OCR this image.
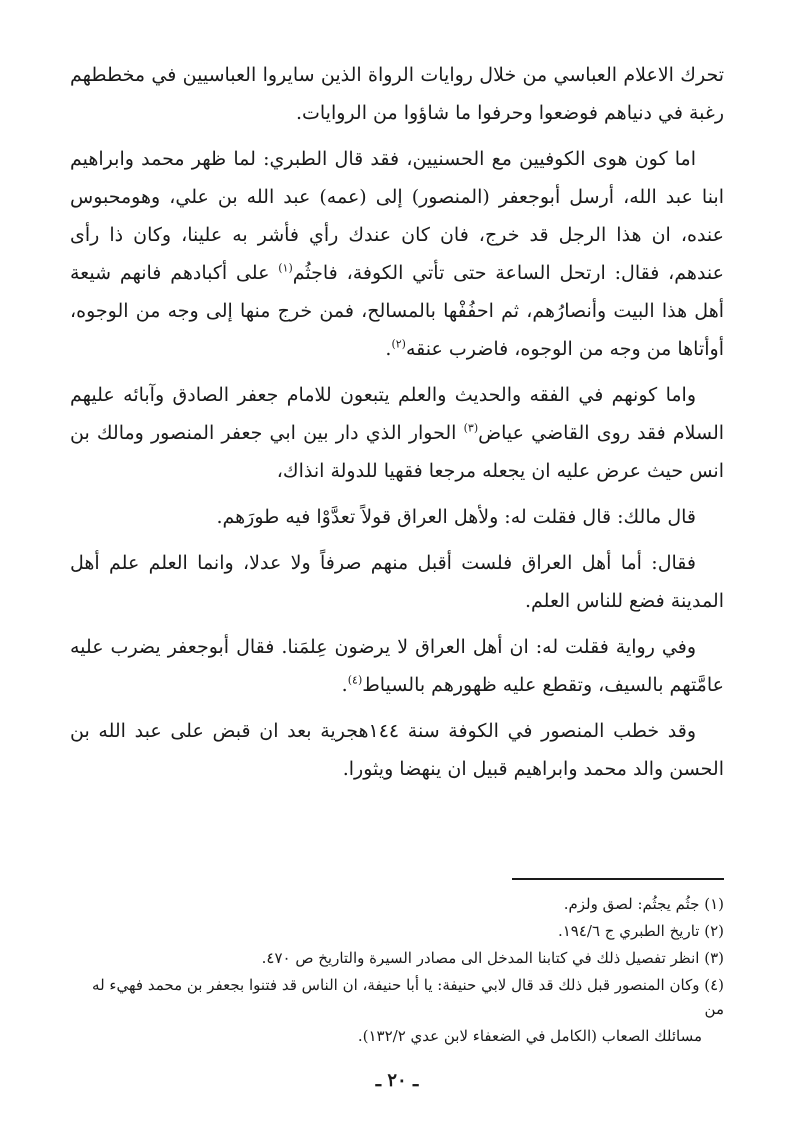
تحرك الاعلام العباسي من خلال روايات الرواة الذين سايروا العباسيين في مخططهم رغبة في دنياهم فوضعوا وحرفوا ما شاؤوا من الروايات.

اما كون هوى الكوفيين مع الحسنيين، فقد قال الطبري: لما ظهر محمد وابراهيم ابنا عبد الله، أرسل أبوجعفر (المنصور) إلى (عمه) عبد الله بن علي، وهومحبوس عنده، ان هذا الرجل قد خرج، فان كان عندك رأي فأشر به علينا، وكان ذا رأى عندهم، فقال: ارتحل الساعة حتى تأتي الكوفة، فاجثُم$^{(١)}$ على أكبادهم فانهم شيعة أهل هذا البيت وأنصارُهم، ثم احفُفْها بالمسالح، فمن خرج منها إلى وجه من الوجوه، أوأتاها من وجه من الوجوه، فاضرب عنقه$^{(٢)}$.

واما كونهم في الفقه والحديث والعلم يتبعون للامام جعفر الصادق وآبائه عليهم السلام فقد روى القاضي عياض$^{(٣)}$ الحوار الذي دار بين ابي جعفر المنصور ومالك بن انس حيث عرض عليه ان يجعله مرجعا فقهيا للدولة انذاك،

قال مالك: قال فقلت له: ولأهل العراق قولاً تعدَّوْا فيه طورَهم.

فقال: أما أهل العراق فلست أقبل منهم صرفاً ولا عدلا، وانما العلم علم أهل المدينة فضع للناس العلم.

وفي رواية فقلت له: ان أهل العراق لا يرضون عِلمَنا. فقال أبوجعفر يضرب عليه عامَّتهم بالسيف، وتقطع عليه ظهورهم بالسياط$^{(٤)}$.

وقد خطب المنصور في الكوفة سنة ١٤٤هجرية بعد ان قبض على عبد الله بن الحسن والد محمد وابراهيم قبيل ان ينهضا ويثورا.

(١) جثُم يجثُم: لصق ولزم.

(٢) تاريخ الطبري ج ١٩٤/٦.

(٣) انظر تفصيل ذلك في كتابنا المدخل الى مصادر السيرة والتاريخ ص ٤٧٠.

(٤) وكان المنصور قبل ذلك قد قال لابي حنيفة: يا أبا حنيفة، ان الناس قد فتنوا بجعفر بن محمد فهيء له من

مسائلك الصعاب (الكامل في الضعفاء لابن عدي ١٣٢/٢).

ـ ٢٠ ـ
